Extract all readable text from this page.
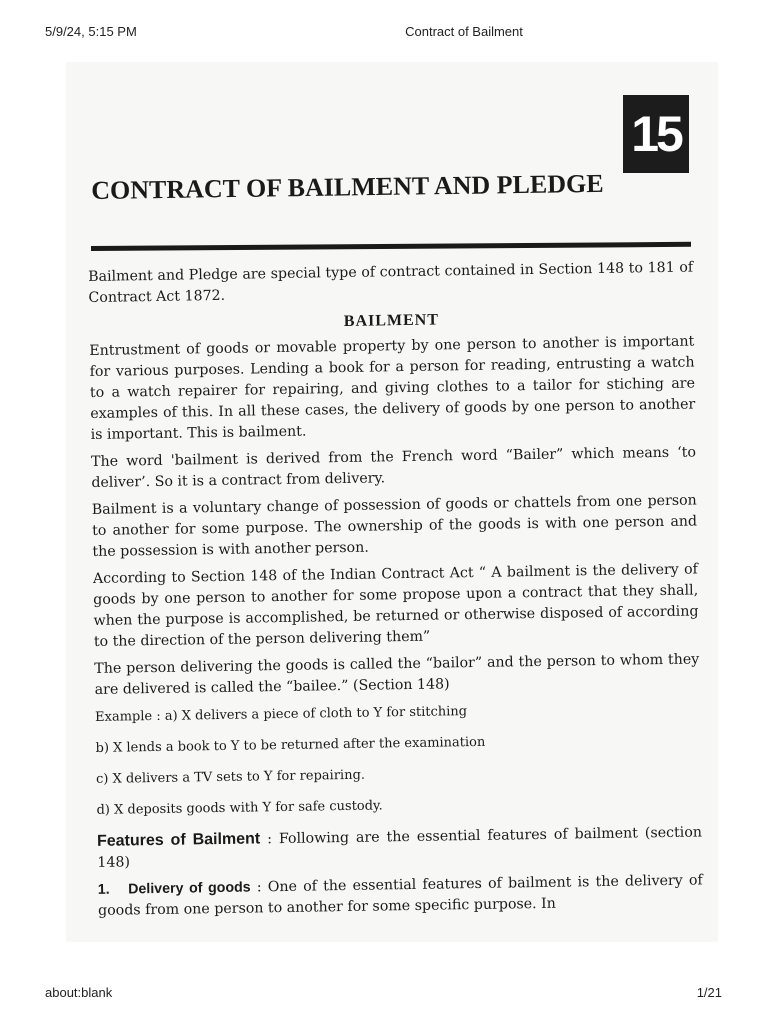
5/9/24, 5:15 PM	Contract of Bailment
15
CONTRACT OF BAILMENT AND PLEDGE

Bailment and Pledge are special type of contract contained in Section 148 to 181 of Contract Act 1872.

BAILMENT

Entrustment of goods or movable property by one person to another is important for various purposes. Lending a book for a person for reading, entrusting a watch to a watch repairer for repairing, and giving clothes to a tailor for stiching are examples of this. In all these cases, the delivery of goods by one person to another is important. This is bailment.

The word 'bailment is derived from the French word “Bailer” which means ‘to deliver’. So it is a contract from delivery.

Bailment is a voluntary change of possession of goods or chattels from one person to another for some purpose. The ownership of the goods is with one person and the possession is with another person.

According to Section 148 of the Indian Contract Act “ A bailment is the delivery of goods by one person to another for some propose upon a contract that they shall, when the purpose is accomplished, be returned or otherwise disposed of according to the direction of the person delivering them”

The person delivering the goods is called the “bailor” and the person to whom they are delivered is called the “bailee.” (Section 148)

Example : a) X delivers a piece of cloth to Y for stitching

b) X lends a book to Y to be returned after the examination

c) X delivers a TV sets to Y for repairing.

d) X deposits goods with Y for safe custody.

Features of Bailment : Following are the essential features of bailment (section 148)

1. Delivery of goods : One of the essential features of bailment is the delivery of goods from one person to another for some specific purpose. In

about:blank	1/21
